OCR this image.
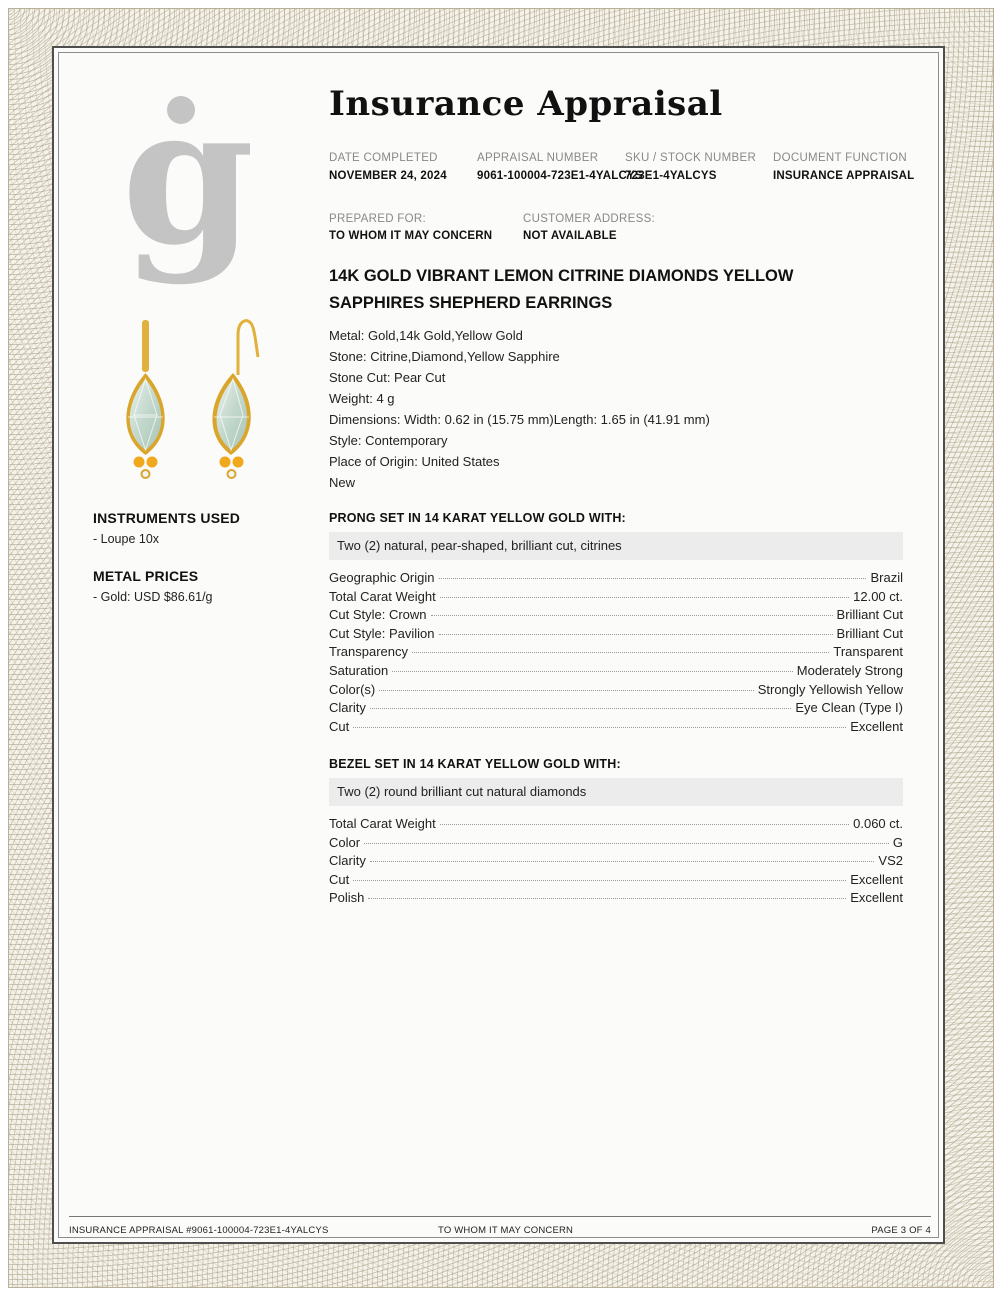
g
INSTRUMENTS USED
- Loupe 10x
METAL PRICES
- Gold: USD $86.61/g
Insurance Appraisal
DATE COMPLETED
NOVEMBER 24, 2024
APPRAISAL NUMBER
9061-100004-723E1-4YALCYS
SKU / STOCK NUMBER
723E1-4YALCYS
DOCUMENT FUNCTION
INSURANCE APPRAISAL
PREPARED FOR:
TO WHOM IT MAY CONCERN
CUSTOMER ADDRESS:
NOT AVAILABLE
14K GOLD VIBRANT LEMON CITRINE DIAMONDS YELLOW SAPPHIRES SHEPHERD EARRINGS
Metal: Gold,14k Gold,Yellow Gold
Stone: Citrine,Diamond,Yellow Sapphire
Stone Cut: Pear Cut
Weight: 4 g
Dimensions: Width: 0.62 in (15.75 mm)Length: 1.65 in (41.91 mm)
Style: Contemporary
Place of Origin: United States
New
PRONG SET IN 14 KARAT YELLOW GOLD WITH:
Two (2) natural, pear-shaped, brilliant cut, citrines
Geographic Origin	Brazil
Total Carat Weight	12.00 ct.
Cut Style: Crown	Brilliant Cut
Cut Style: Pavilion	Brilliant Cut
Transparency	Transparent
Saturation	Moderately Strong
Color(s)	Strongly Yellowish Yellow
Clarity	Eye Clean (Type I)
Cut	Excellent
BEZEL SET IN 14 KARAT YELLOW GOLD WITH:
Two (2) round brilliant cut natural diamonds
Total Carat Weight	0.060 ct.
Color	G
Clarity	VS2
Cut	Excellent
Polish	Excellent
INSURANCE APPRAISAL #9061-100004-723E1-4YALCYS	TO WHOM IT MAY CONCERN	PAGE 3 OF 4
